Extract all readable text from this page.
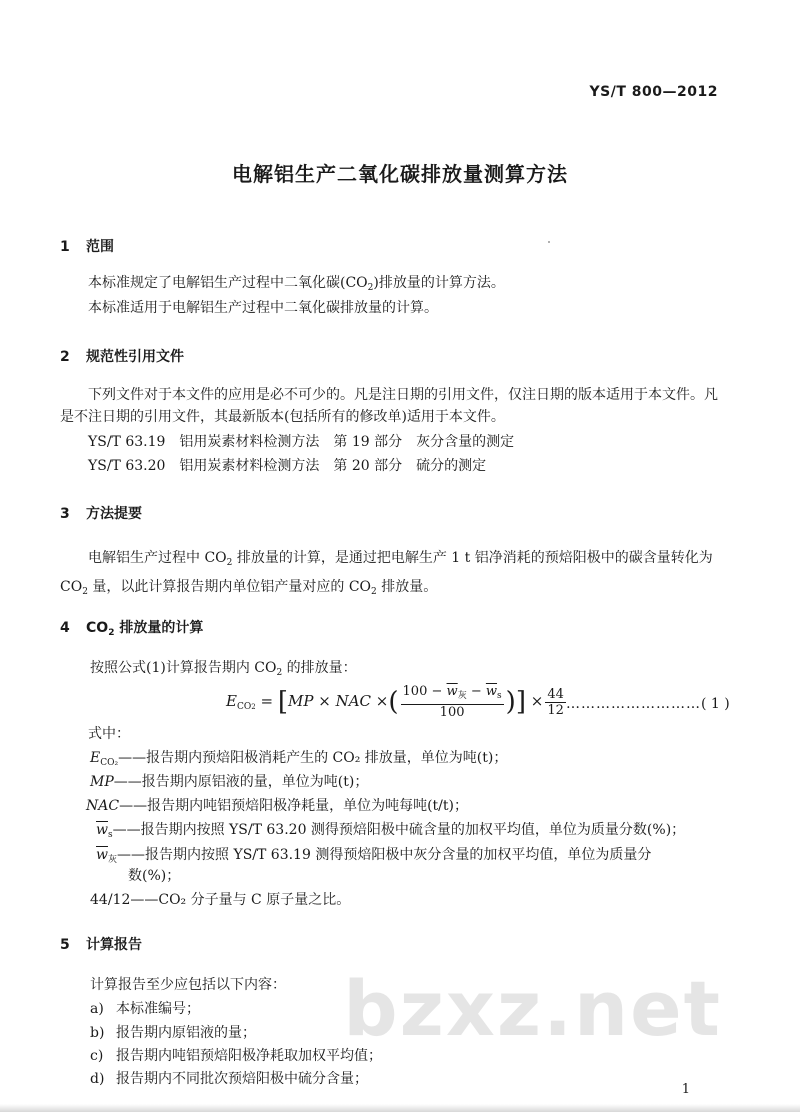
YS/T 800—2012
电解铝生产二氧化碳排放量测算方法
1 范围
本标准规定了电解铝生产过程中二氧化碳$(CO_2)$排放量的计算方法。
本标准适用于电解铝生产过程中二氧化碳排放量的计算。
2 规范性引用文件
下列文件对于本文件的应用是必不可少的。凡是注日期的引用文件，仅注日期的版本适用于本文件。凡是不注日期的引用文件，其最新版本(包括所有的修改单)适用于本文件。
YS/T 63.19　 铝用炭素材料检测方法　第 19 部分　灰分含量的测定
YS/T 63.20　 铝用炭素材料检测方法　第 20 部分　硫分的测定
3 方法提要
电解铝生产过程中 $CO_2$ 排放量的计算，是通过把电解生产 1 t 铝净消耗的预焙阳极中的碳含量转化为 $CO_2$ 量，以此计算报告期内单位铝产量对应的 $CO_2$ 排放量。
4 $CO_2$ 排放量的计算
按照公式(1)计算报告期内 $CO_2$ 的排放量：
$E_{CO2} = [MP$ × NAC ×( $\frac{100 - \overline{w}_灰 - \overline{w}_s}{100}$ )] × $\frac{44}{12}$ ………………………( 1 )
式中：
$E_{CO_2}——$报告期内预焙阳极消耗产生的 CO₂ 排放量，单位为吨(t)；
MP——报告期内原铝液的量，单位为吨(t)；
NAC——报告期内吨铝预焙阳极净耗量，单位为吨每吨(t/t)；
$\overline{w}_s——$报告期内按照 YS/T 63.20 测得预焙阳极中硫含量的加权平均值，单位为质量分数(%)；
$\overline{w}_灰——$报告期内按照 YS/T 63.19 测得预焙阳极中灰分含量的加权平均值，单位为质量分
数(%)；
44/12——CO₂ 分子量与 C 原子量之比。
5 计算报告
计算报告至少应包括以下内容：
a) 本标准编号；
b) 报告期内原铝液的量；
c) 报告期内吨铝预焙阳极净耗取加权平均值；
d) 报告期内不同批次预焙阳极中硫分含量；
bzxz.net
1
